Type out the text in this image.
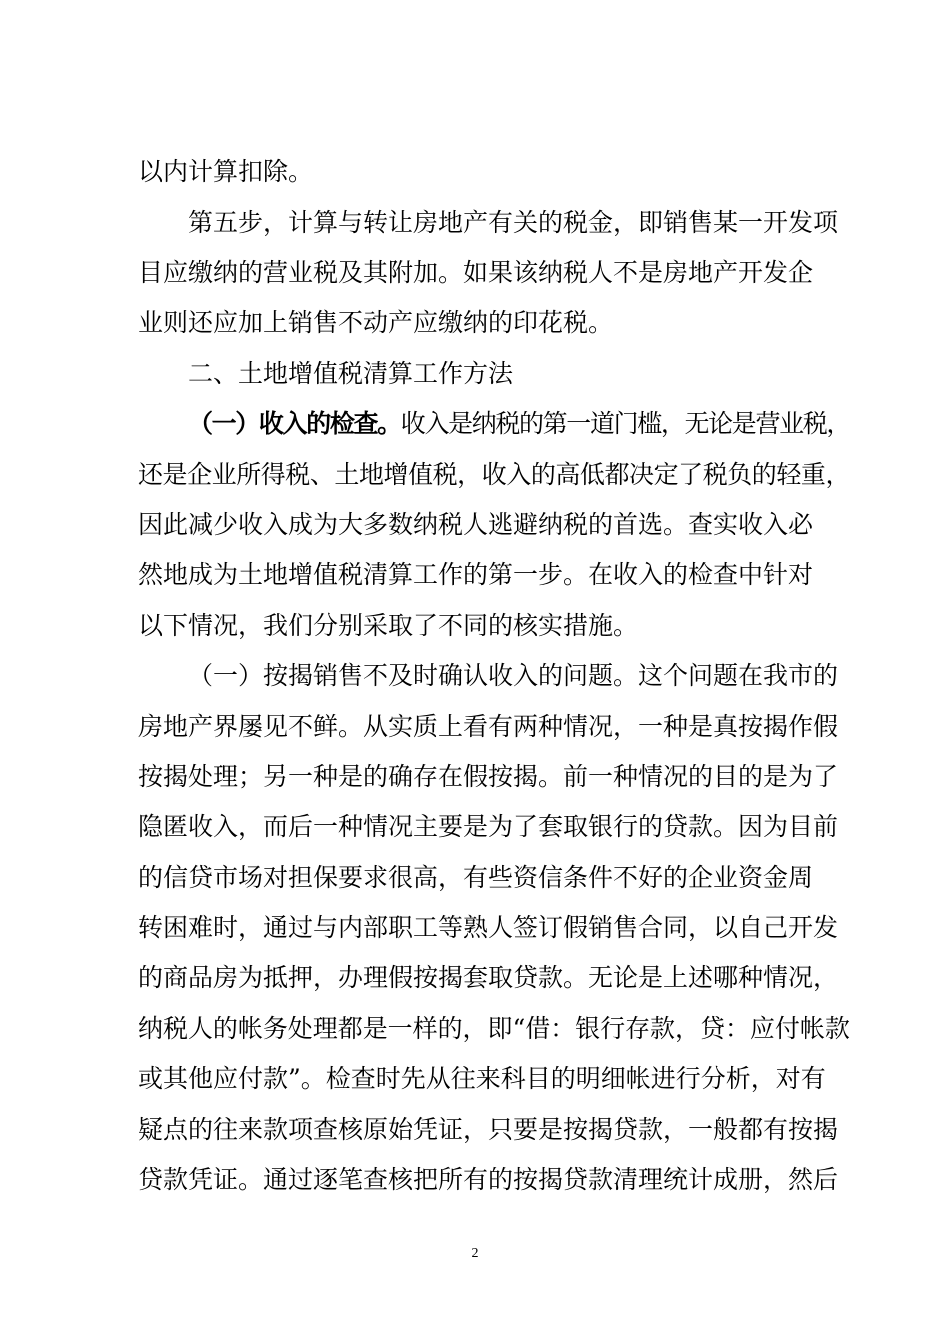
以内计算扣除。
第五步，计算与转让房地产有关的税金，即销售某一开发项
目应缴纳的营业税及其附加。如果该纳税人不是房地产开发企
业则还应加上销售不动产应缴纳的印花税。
二、土地增值税清算工作方法
（一）收入的检查。收入是纳税的第一道门槛，无论是营业税，
还是企业所得税、土地增值税，收入的高低都决定了税负的轻重，
因此减少收入成为大多数纳税人逃避纳税的首选。查实收入必
然地成为土地增值税清算工作的第一步。在收入的检查中针对
以下情况，我们分别采取了不同的核实措施。
（一）按揭销售不及时确认收入的问题。这个问题在我市的
房地产界屡见不鲜。从实质上看有两种情况，一种是真按揭作假
按揭处理；另一种是的确存在假按揭。前一种情况的目的是为了
隐匿收入，而后一种情况主要是为了套取银行的贷款。因为目前
的信贷市场对担保要求很高，有些资信条件不好的企业资金周
转困难时，通过与内部职工等熟人签订假销售合同，以自己开发
的商品房为抵押，办理假按揭套取贷款。无论是上述哪种情况，
纳税人的帐务处理都是一样的，即“借：银行存款，贷：应付帐款
或其他应付款”。检查时先从往来科目的明细帐进行分析，对有
疑点的往来款项查核原始凭证，只要是按揭贷款，一般都有按揭
贷款凭证。通过逐笔查核把所有的按揭贷款清理统计成册，然后
2
